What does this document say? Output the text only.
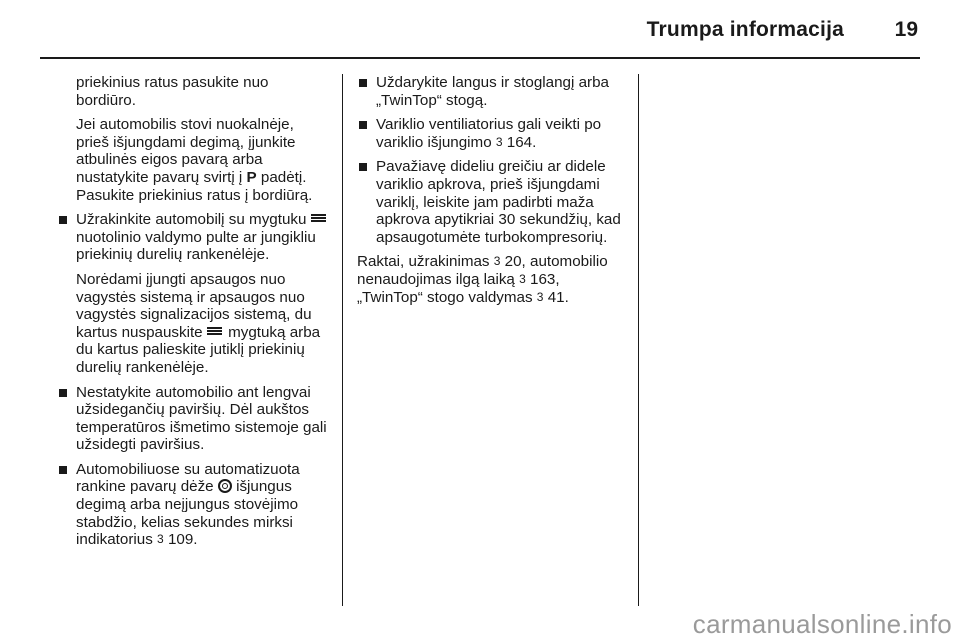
Trumpa informacija 19

priekinius ratus pasukite nuo bordiūro.

Jei automobilis stovi nuokalnėje, prieš išjungdami degimą, įjunkite atbulinės eigos pavarą arba nustatykite pavarų svirtį į P padėtį. Pasukite priekinius ratus į bordiūrą.

Užrakinkite automobilį su mygtuku  nuotolinio valdymo pulte ar jungikliu priekinių durelių rankenėlėje.

Norėdami įjungti apsaugos nuo vagystės sistemą ir apsaugos nuo vagystės signalizacijos sistemą, du kartus nuspauskite  mygtuką arba du kartus palieskite jutiklį priekinių durelių rankenėlėje.

Nestatykite automobilio ant lengvai užsidegančių paviršių. Dėl aukštos temperatūros išmetimo sistemoje gali užsidegti paviršius.

Automobiliuose su automatizuota rankine pavarų dėže  išjungus degimą arba neįjungus stovėjimo stabdžio, kelias sekundes mirksi indikatorius 3 109.

Uždarykite langus ir stoglangį arba „TwinTop“ stogą.

Variklio ventiliatorius gali veikti po variklio išjungimo 3 164.

Pavažiavę dideliu greičiu ar didele variklio apkrova, prieš išjungdami variklį, leiskite jam padirbti maža apkrova apytikriai 30 sekundžių, kad apsaugotumėte turbokompresorių.

Raktai, užrakinimas 3 20, automobilio nenaudojimas ilgą laiką 3 163, „TwinTop“ stogo valdymas 3 41.

carmanualsonline.info
